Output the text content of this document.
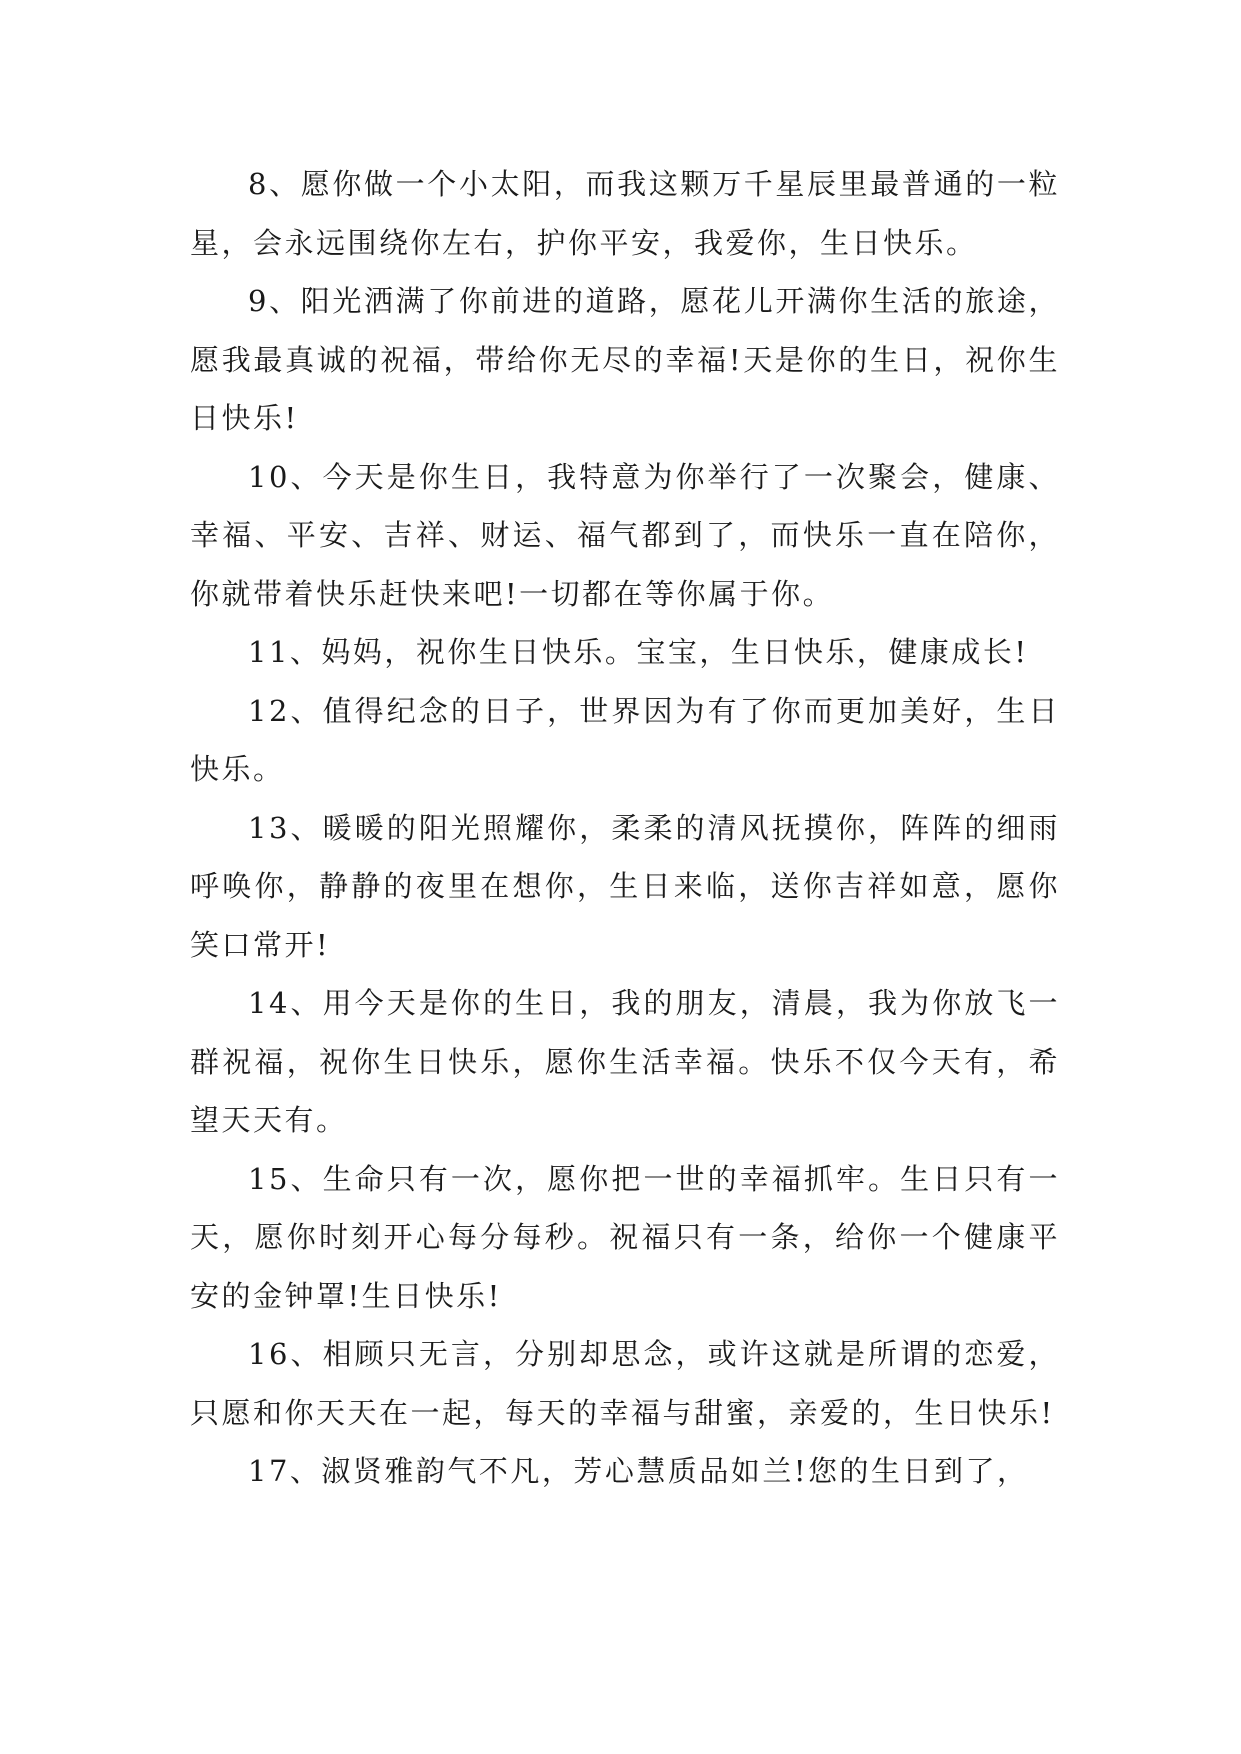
8、愿你做一个小太阳，而我这颗万千星辰里最普通的一粒星，会永远围绕你左右，护你平安，我爱你，生日快乐。

9、阳光洒满了你前进的道路，愿花儿开满你生活的旅途，愿我最真诚的祝福，带给你无尽的幸福!天是你的生日，祝你生日快乐!

10、今天是你生日，我特意为你举行了一次聚会，健康、幸福、平安、吉祥、财运、福气都到了，而快乐一直在陪你，你就带着快乐赶快来吧!一切都在等你属于你。

11、妈妈，祝你生日快乐。宝宝，生日快乐，健康成长!

12、值得纪念的日子，世界因为有了你而更加美好，生日快乐。

13、暖暖的阳光照耀你，柔柔的清风抚摸你，阵阵的细雨呼唤你，静静的夜里在想你，生日来临，送你吉祥如意，愿你笑口常开!

14、用今天是你的生日，我的朋友，清晨，我为你放飞一群祝福，祝你生日快乐，愿你生活幸福。快乐不仅今天有，希望天天有。

15、生命只有一次，愿你把一世的幸福抓牢。生日只有一天，愿你时刻开心每分每秒。祝福只有一条，给你一个健康平安的金钟罩!生日快乐!

16、相顾只无言，分别却思念，或许这就是所谓的恋爱，只愿和你天天在一起，每天的幸福与甜蜜，亲爱的，生日快乐!

17、淑贤雅韵气不凡，芳心慧质品如兰!您的生日到了，
